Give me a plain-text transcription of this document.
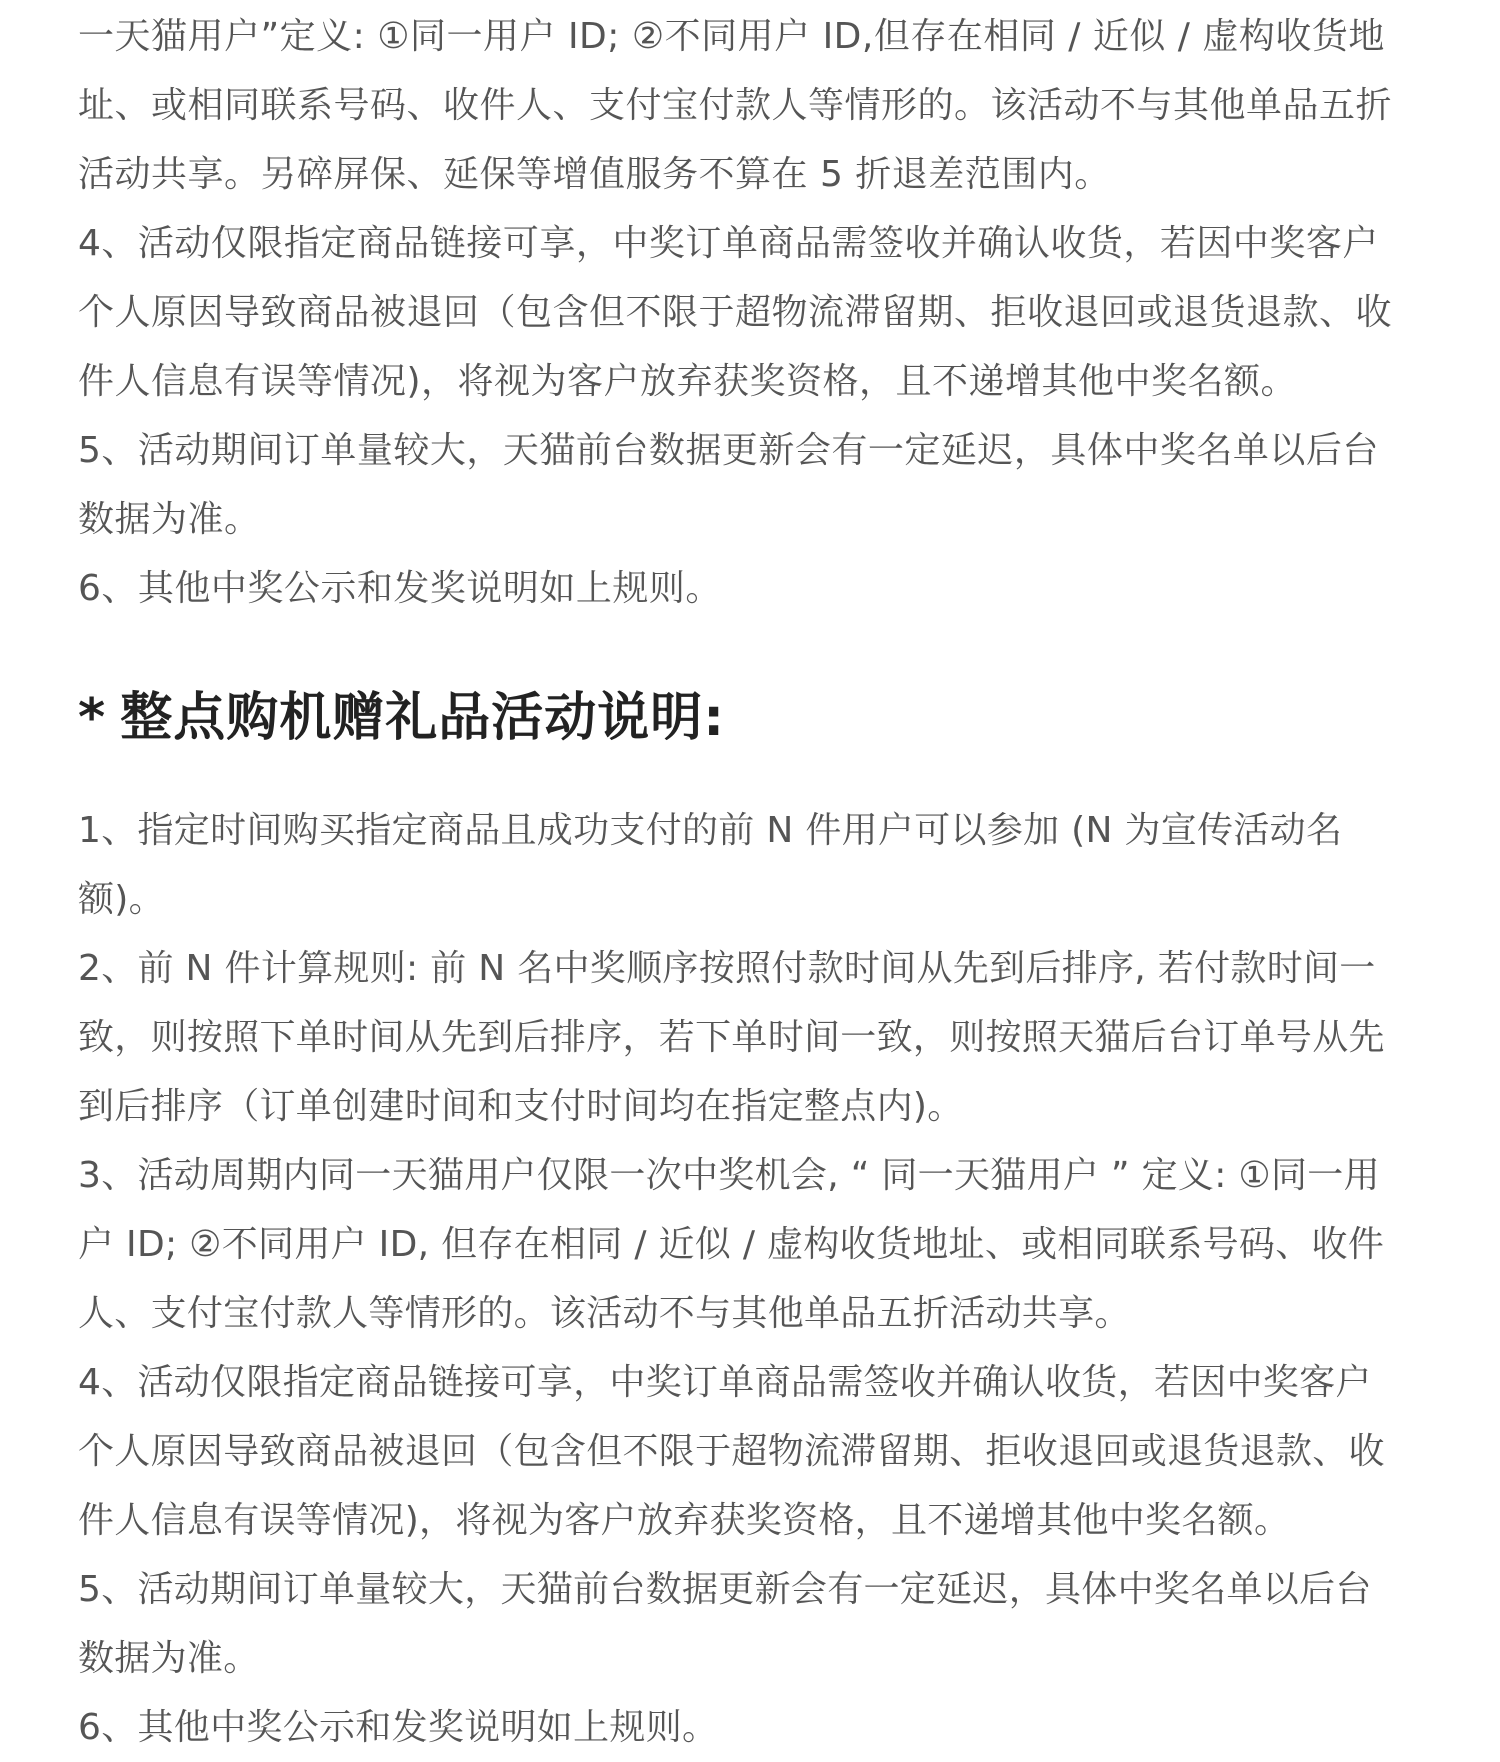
一天猫用户”定义: ①同一用户 ID; ②不同用户 ID,但存在相同 / 近似 / 虚构收货地址、或相同联系号码、收件人、支付宝付款人等情形的。该活动不与其他单品五折活动共享。另碎屏保、延保等增值服务不算在 5 折退差范围内。

4、活动仅限指定商品链接可享，中奖订单商品需签收并确认收货，若因中奖客户个人原因导致商品被退回（包含但不限于超物流滞留期、拒收退回或退货退款、收件人信息有误等情况)，将视为客户放弃获奖资格，且不递增其他中奖名额。

5、活动期间订单量较大，天猫前台数据更新会有一定延迟，具体中奖名单以后台数据为准。

6、其他中奖公示和发奖说明如上规则。

* 整点购机赠礼品活动说明:

1、指定时间购买指定商品且成功支付的前 N 件用户可以参加 (N 为宣传活动名额)。

2、前 N 件计算规则: 前 N 名中奖顺序按照付款时间从先到后排序, 若付款时间一致，则按照下单时间从先到后排序，若下单时间一致，则按照天猫后台订单号从先到后排序（订单创建时间和支付时间均在指定整点内)。

3、活动周期内同一天猫用户仅限一次中奖机会, “ 同一天猫用户 ” 定义: ①同一用户 ID; ②不同用户 ID, 但存在相同 / 近似 / 虚构收货地址、或相同联系号码、收件人、支付宝付款人等情形的。该活动不与其他单品五折活动共享。

4、活动仅限指定商品链接可享，中奖订单商品需签收并确认收货，若因中奖客户个人原因导致商品被退回（包含但不限于超物流滞留期、拒收退回或退货退款、收件人信息有误等情况)，将视为客户放弃获奖资格，且不递增其他中奖名额。

5、活动期间订单量较大，天猫前台数据更新会有一定延迟，具体中奖名单以后台数据为准。

6、其他中奖公示和发奖说明如上规则。
